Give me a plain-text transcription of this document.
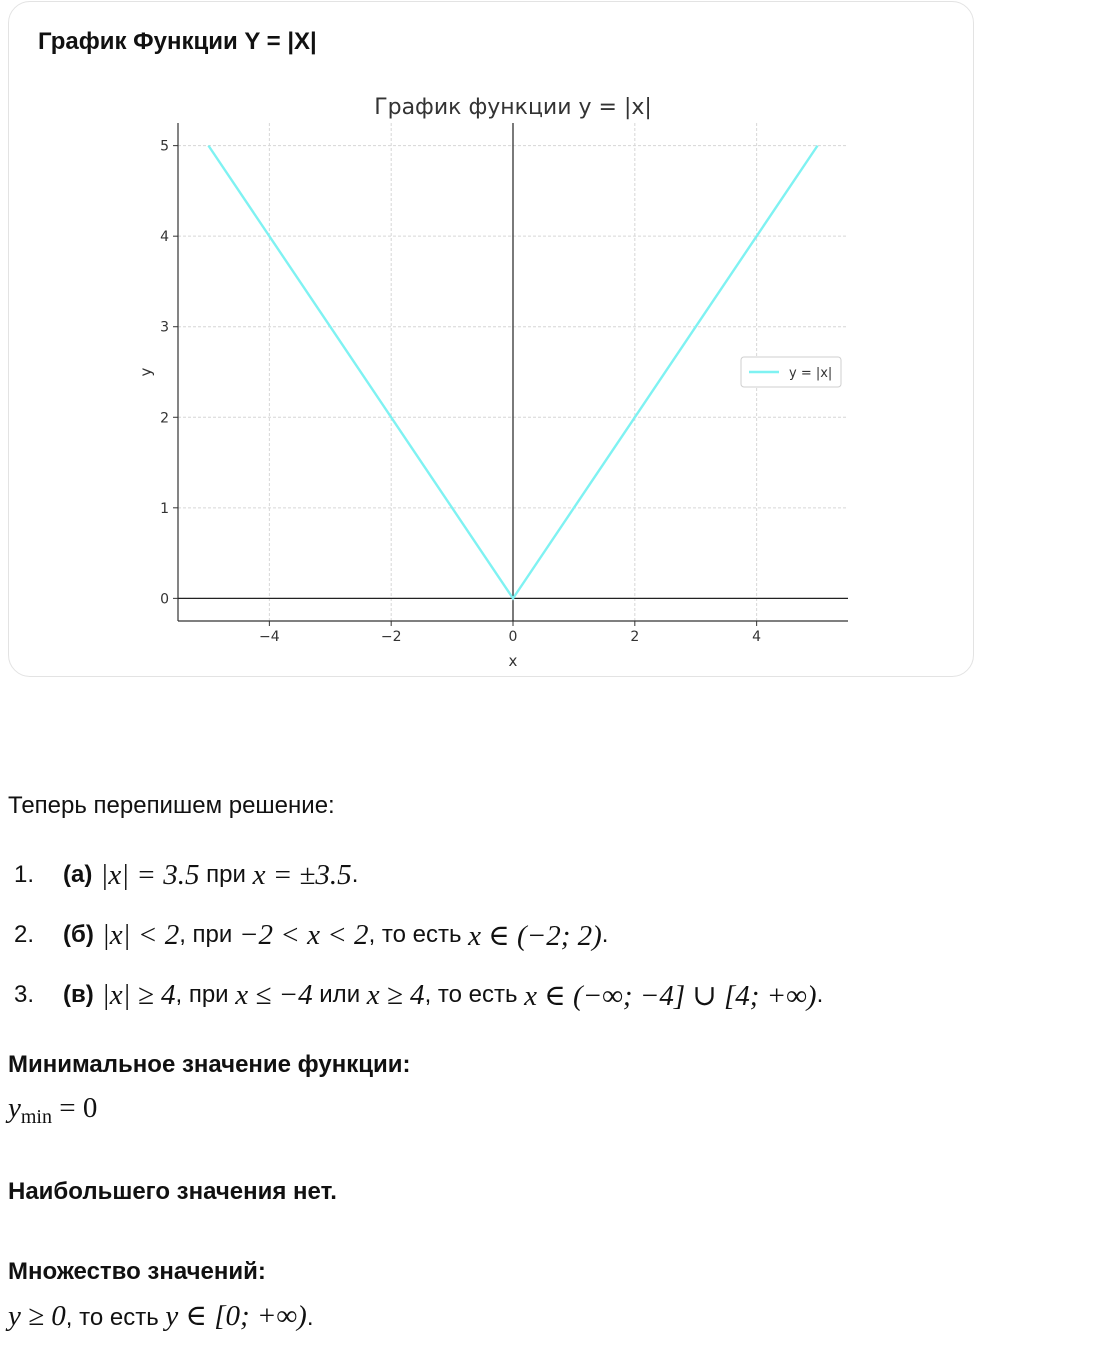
График Функции Y = |X|
−4	−2	0	2	4
0
1
2
3
4
5
x
y
График функции y = |x|
y = |x|
Теперь перепишем решение:
1.	(а) |x| = 3.5 при x = ±3.5 .
2.	(б) |x| < 2 , при −2 < x < 2 , то есть x ∈ (−2; 2) .
3.	(в) |x| ≥ 4 , при x ≤ −4 или x ≥ 4 , то есть x ∈ (−∞; −4] ∪ [4; +∞) .
Минимальное значение функции:
$y_{min} = 0$
Наибольшего значения нет.
Множество значений:
y ≥ 0, то есть y ∈ [0; +∞).
